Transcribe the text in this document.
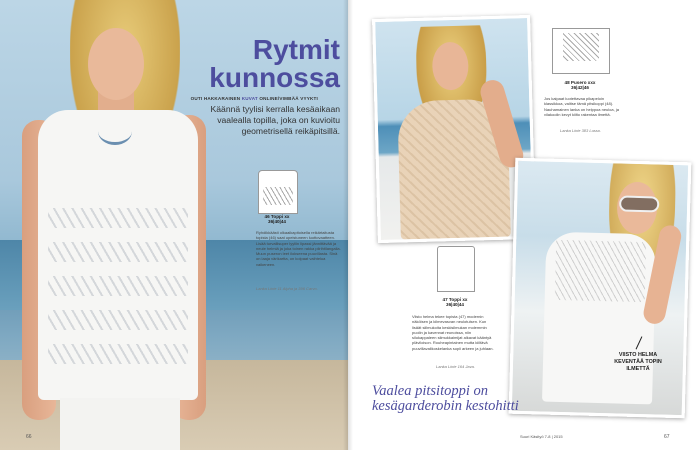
Rytmit
kunnossa
OUTI HAKKARAINEN KUVAT ONLINE/VIMBÄÄ VYYKTI
Käännä tyylisi kerralla kesäaikaan vaalealla topilla, joka on kuvioitu geometrisellä reikäpitsillä.
46 Toppi xx
36|40|44
Ryhdikkäästi olkaaikapitoisella reikärtaitusta topista (46) saat upeistuneen luottovaatteen. Lisää turvallisuper lyyliin lipassi jännittävää ja neule helmiä ja joka toinen rakka pilrihtilangalla. Muun puseron leet ilokseena puuvillasta. Sinä on laaja värikartta, on kolpaat vaihtelua vaikeneen.
Lanka Linie 11 Alpha ja 396 Carvo.
66
48 Pusero xxx
36|42|46
Jos kaipaat luotettavaa pikapeloin klassikkoa, valitse tämä pitsikoppi (48). Nauhamainen lanka on helppoa neuloa, ja vilakoolin kevyt kiilto rakentaa ilmettä.
Lanka Linie 383 Lusso.
47 Toppi xx
36|40|44
Viisto helma tekee topista (47) modernin näköisen ja kilmevasvan neulotulsen. Kun lisäät siilmukoita keskisilmukan molemmin puolin ja kavennat reunoissa, niin silukappaleen silmukkaimijat alkavat kääntyä pläviloison. Rouheapintainen mutta kiiltävä puuvillavalikoskelanka sopii arkeen ja juhlaan.
Lanka Linie 164 Java.
VIISTO HELMA KEVENTÄÄ TOPIN ILMETTÄ
Vaalea pitsitoppi on kesägarderobin kestohitti
Suuri Käsityö 7-8 | 2015	67
